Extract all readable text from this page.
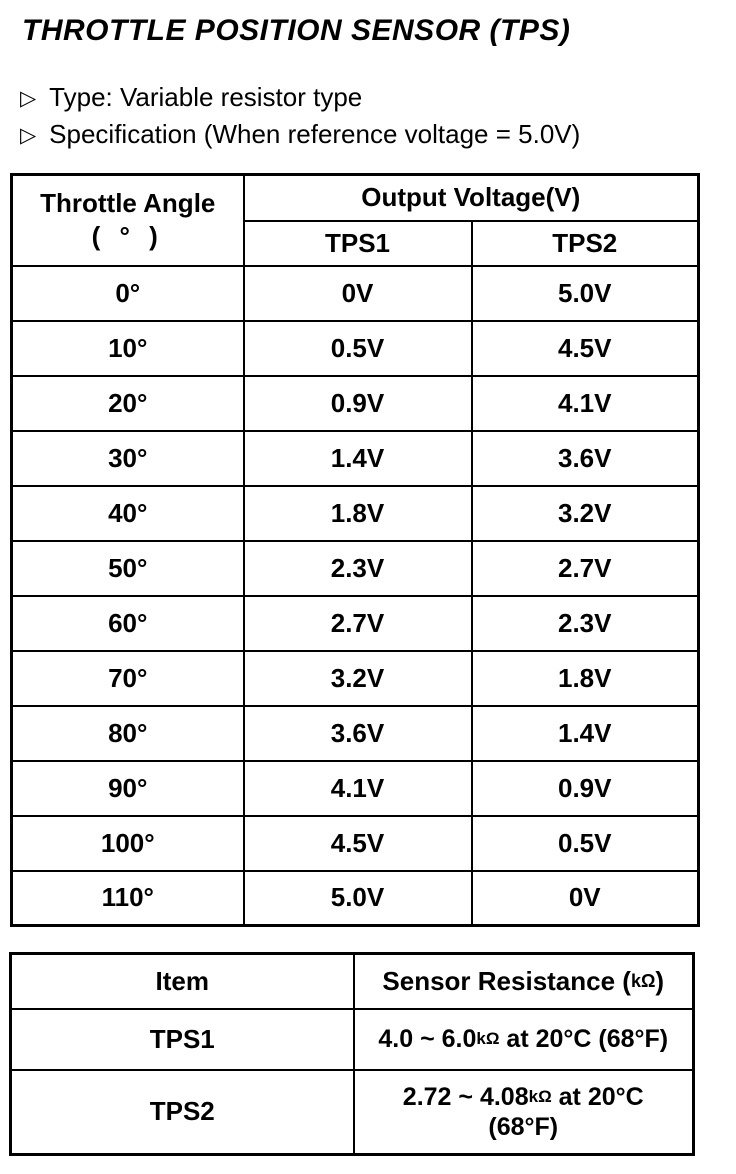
THROTTLE POSITION SENSOR (TPS)
▷ Type: Variable resistor type
▷ Specification (When reference voltage = 5.0V)
Throttle Angle
( ° )	Output Voltage(V)	
	TPS1	TPS2
0°	0V	5.0V
10°	0.5V	4.5V
20°	0.9V	4.1V
30°	1.4V	3.6V
40°	1.8V	3.2V
50°	2.3V	2.7V
60°	2.7V	2.3V
70°	3.2V	1.8V
80°	3.6V	1.4V
90°	4.1V	0.9V
100°	4.5V	0.5V
110°	5.0V	0V
Item	Sensor Resistance (kΩ)
TPS1	4.0 ~ 6.0kΩ at 20°C (68°F)
TPS2	2.72 ~ 4.08kΩ at 20°C
(68°F)
